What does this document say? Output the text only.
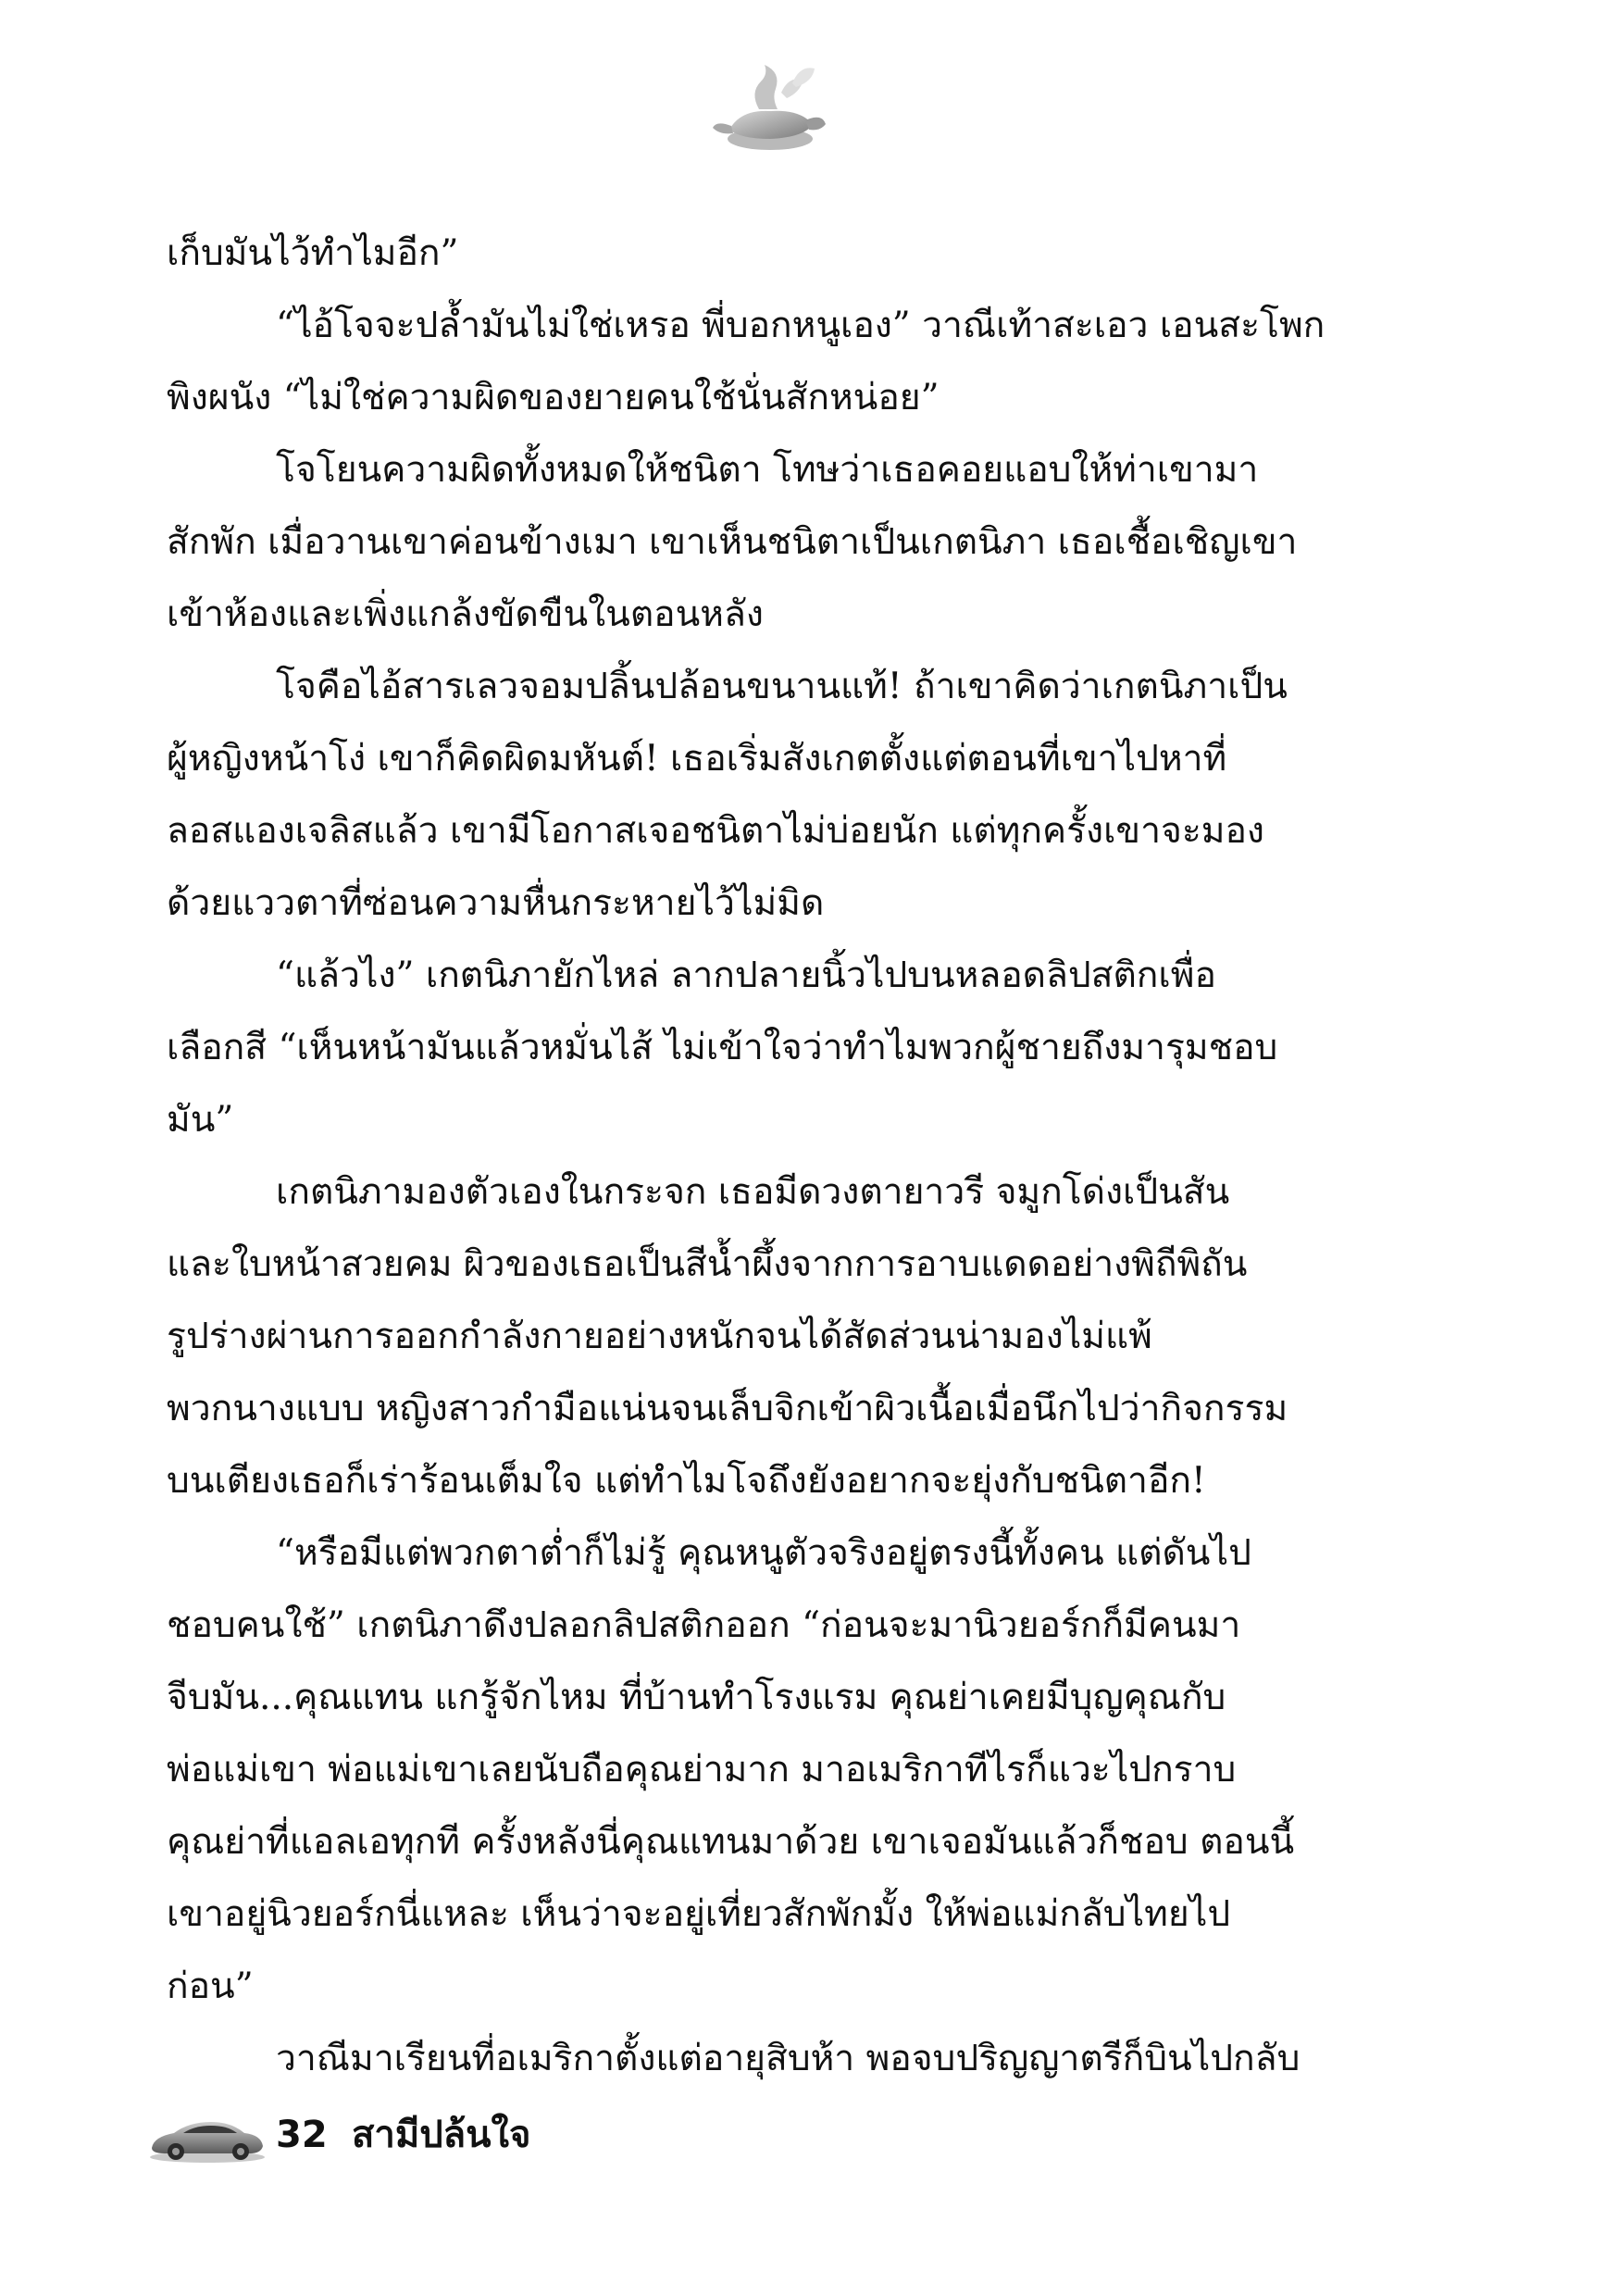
เก็บมันไว้ทำไมอีก”
“ไอ้โจจะปล้ำมันไม่ใช่เหรอ พี่บอกหนูเอง” วาณีเท้าสะเอว เอนสะโพก
พิงผนัง “ไม่ใช่ความผิดของยายคนใช้นั่นสักหน่อย”
โจโยนความผิดทั้งหมดให้ชนิตา โทษว่าเธอคอยแอบให้ท่าเขามา
สักพัก เมื่อวานเขาค่อนข้างเมา เขาเห็นชนิตาเป็นเกตนิภา เธอเชื้อเชิญเขา
เข้าห้องและเพิ่งแกล้งขัดขืนในตอนหลัง
โจคือไอ้สารเลวจอมปลิ้นปล้อนขนานแท้! ถ้าเขาคิดว่าเกตนิภาเป็น
ผู้หญิงหน้าโง่ เขาก็คิดผิดมหันต์! เธอเริ่มสังเกตตั้งแต่ตอนที่เขาไปหาที่
ลอสแองเจลิสแล้ว เขามีโอกาสเจอชนิตาไม่บ่อยนัก แต่ทุกครั้งเขาจะมอง
ด้วยแววตาที่ซ่อนความหื่นกระหายไว้ไม่มิด
“แล้วไง” เกตนิภายักไหล่ ลากปลายนิ้วไปบนหลอดลิปสติกเพื่อ
เลือกสี “เห็นหน้ามันแล้วหมั่นไส้ ไม่เข้าใจว่าทำไมพวกผู้ชายถึงมารุมชอบ
มัน”
เกตนิภามองตัวเองในกระจก เธอมีดวงตายาวรี จมูกโด่งเป็นสัน
และใบหน้าสวยคม ผิวของเธอเป็นสีน้ำผึ้งจากการอาบแดดอย่างพิถีพิถัน
รูปร่างผ่านการออกกำลังกายอย่างหนักจนได้สัดส่วนน่ามองไม่แพ้
พวกนางแบบ หญิงสาวกำมือแน่นจนเล็บจิกเข้าผิวเนื้อเมื่อนึกไปว่ากิจกรรม
บนเตียงเธอก็เร่าร้อนเต็มใจ แต่ทำไมโจถึงยังอยากจะยุ่งกับชนิตาอีก!
“หรือมีแต่พวกตาต่ำก็ไม่รู้ คุณหนูตัวจริงอยู่ตรงนี้ทั้งคน แต่ดันไป
ชอบคนใช้” เกตนิภาดึงปลอกลิปสติกออก “ก่อนจะมานิวยอร์กก็มีคนมา
จีบมัน...คุณแทน แกรู้จักไหม ที่บ้านทำโรงแรม คุณย่าเคยมีบุญคุณกับ
พ่อแม่เขา พ่อแม่เขาเลยนับถือคุณย่ามาก มาอเมริกาทีไรก็แวะไปกราบ
คุณย่าที่แอลเอทุกที ครั้งหลังนี่คุณแทนมาด้วย เขาเจอมันแล้วก็ชอบ ตอนนี้
เขาอยู่นิวยอร์กนี่แหละ เห็นว่าจะอยู่เที่ยวสักพักมั้ง ให้พ่อแม่กลับไทยไป
ก่อน”
วาณีมาเรียนที่อเมริกาตั้งแต่อายุสิบห้า พอจบปริญญาตรีก็บินไปกลับ
32 สามีปล้นใจ
